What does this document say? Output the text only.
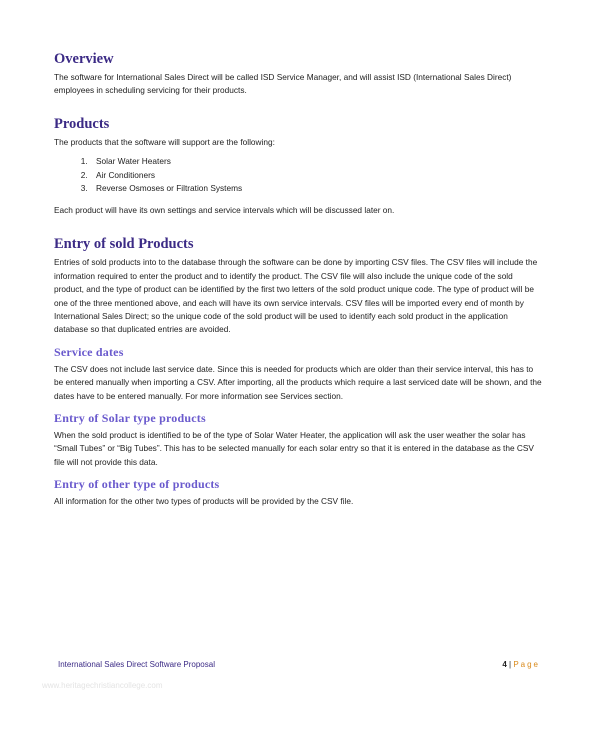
Overview

The software for International Sales Direct will be called ISD Service Manager, and will assist ISD (International Sales Direct) employees in scheduling servicing for their products.

Products

The products that the software will support are the following:

1. Solar Water Heaters
2. Air Conditioners
3. Reverse Osmoses or Filtration Systems

Each product will have its own settings and service intervals which will be discussed later on.

Entry of sold Products

Entries of sold products into to the database through the software can be done by importing CSV files. The CSV files will include the information required to enter the product and to identify the product. The CSV file will also include the unique code of the sold product, and the type of product can be identified by the first two letters of the sold product unique code. The type of product will be one of the three mentioned above, and each will have its own service intervals. CSV files will be imported every end of month by International Sales Direct; so the unique code of the sold product will be used to identify each sold product in the application database so that duplicated entries are avoided.

Service dates

The CSV does not include last service date. Since this is needed for products which are older than their service interval, this has to be entered manually when importing a CSV. After importing, all the products which require a last serviced date will be shown, and the dates have to be entered manually. For more information see Services section.

Entry of Solar type products

When the sold product is identified to be of the type of Solar Water Heater, the application will ask the user weather the solar has “Small Tubes” or “Big Tubes”. This has to be selected manually for each solar entry so that it is entered in the database as the CSV file will not provide this data.

Entry of other type of products

All information for the other two types of products will be provided by the CSV file.

International Sales Direct Software Proposal	4 | Page
www.heritagechristiancollege.com
